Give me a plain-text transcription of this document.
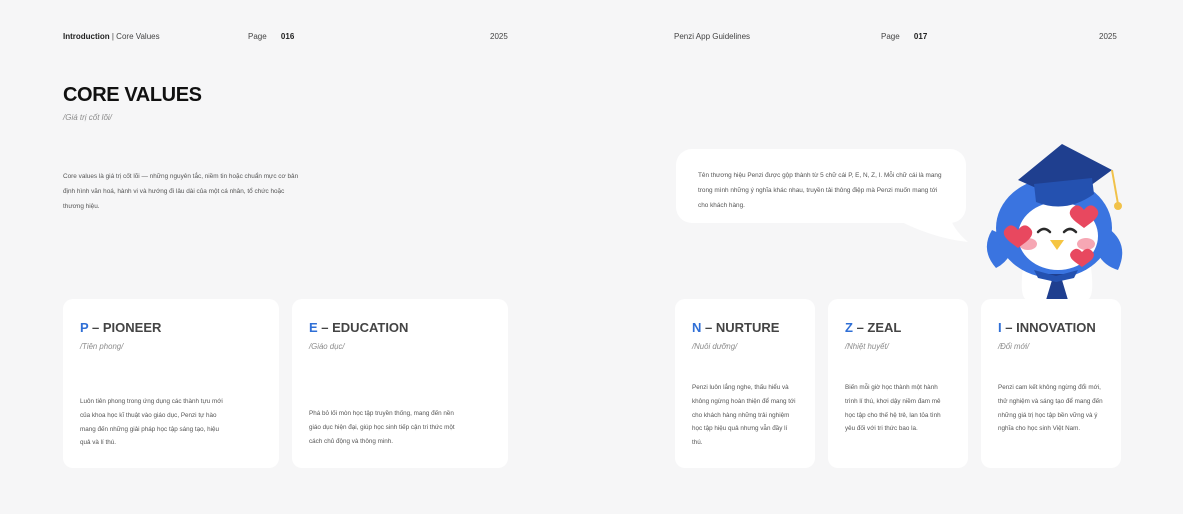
Introduction | Core Values	Page 016	2025	Penzi App Guidelines	Page 017	2025
CORE VALUES
/Giá trị cốt lõi/
Core values là giá trị cốt lõi — những nguyên tắc, niềm tin hoặc chuẩn mực cơ bản định hình văn hoá, hành vi và hướng đi lâu dài của một cá nhân, tổ chức hoặc thương hiệu.
Tên thương hiệu Penzi được gộp thành từ 5 chữ cái P, E, N, Z, I. Mỗi chữ cái là mang trong mình những ý nghĩa khác nhau, truyền tải thông điệp mà Penzi muốn mang tới cho khách hàng.
P – PIONEER
/Tiên phong/
Luôn tiên phong trong ứng dụng các thành tựu mới của khoa học kĩ thuật vào giáo dục, Penzi tự hào mang đến những giải pháp học tập sáng tạo, hiệu quả và lí thú.
E – EDUCATION
/Giáo dục/
Phá bỏ lối mòn học tập truyền thống, mang đến nền giáo dục hiện đại, giúp học sinh tiếp cận tri thức một cách chủ động và thông minh.
N – NURTURE
/Nuôi dưỡng/
Penzi luôn lắng nghe, thấu hiểu và không ngừng hoàn thiện để mang tới cho khách hàng những trải nghiệm học tập hiệu quả nhưng vẫn đầy lí thú.
Z – ZEAL
/Nhiệt huyết/
Biến mỗi giờ học thành một hành trình lí thú, khơi dậy niềm đam mê học tập cho thế hệ trẻ, lan tỏa tình yêu đối với tri thức bao la.
I – INNOVATION
/Đổi mới/
Penzi cam kết không ngừng đổi mới, thử nghiệm và sáng tạo để mang đến những giá trị học tập bền vững và ý nghĩa cho học sinh Việt Nam.
